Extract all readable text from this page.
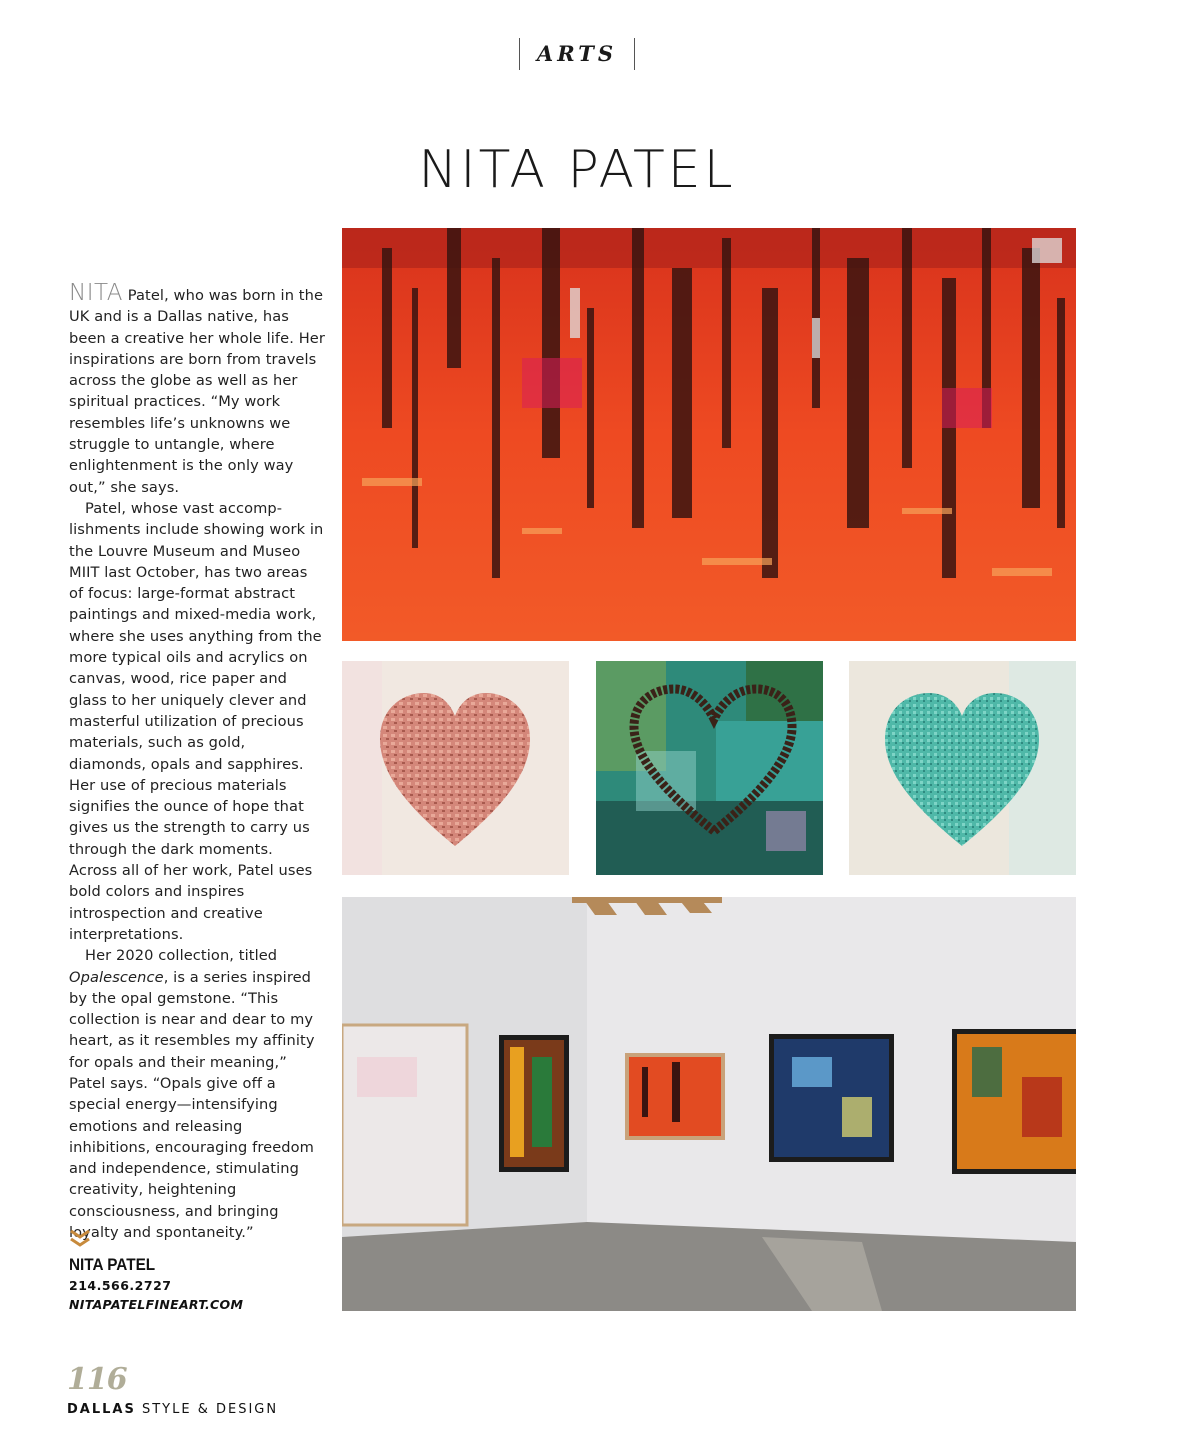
ARTS
NITA PATEL

NITA Patel, who was born in the UK and is a Dallas native, has been a creative her whole life. Her inspirations are born from travels across the globe as well as her spiritual practices. “My work resembles life’s unknowns we struggle to untangle, where enlightenment is the only way out,” she says.

Patel, whose vast accomp-lishments include showing work in the Louvre Museum and Museo MIIT last October, has two areas of focus: large-format abstract paintings and mixed-media work, where she uses anything from the more typical oils and acrylics on canvas, wood, rice paper and glass to her uniquely clever and masterful utilization of precious materials, such as gold, diamonds, opals and sapphires. Her use of precious materials signifies the ounce of hope that gives us the strength to carry us through the dark moments. Across all of her work, Patel uses bold colors and inspires introspection and creative interpretations.

Her 2020 collection, titled Opalescence, is a series inspired by the opal gemstone. “This collection is near and dear to my heart, as it resembles my affinity for opals and their meaning,” Patel says. “Opals give off a special energy—intensifying emotions and releasing inhibitions, encouraging freedom and independence, stimulating creativity, heightening consciousness, and bringing loyalty and spontaneity.”

NITA PATEL
214.566.2727
NITAPATELFINEART.COM
116
DALLAS STYLE & DESIGN
